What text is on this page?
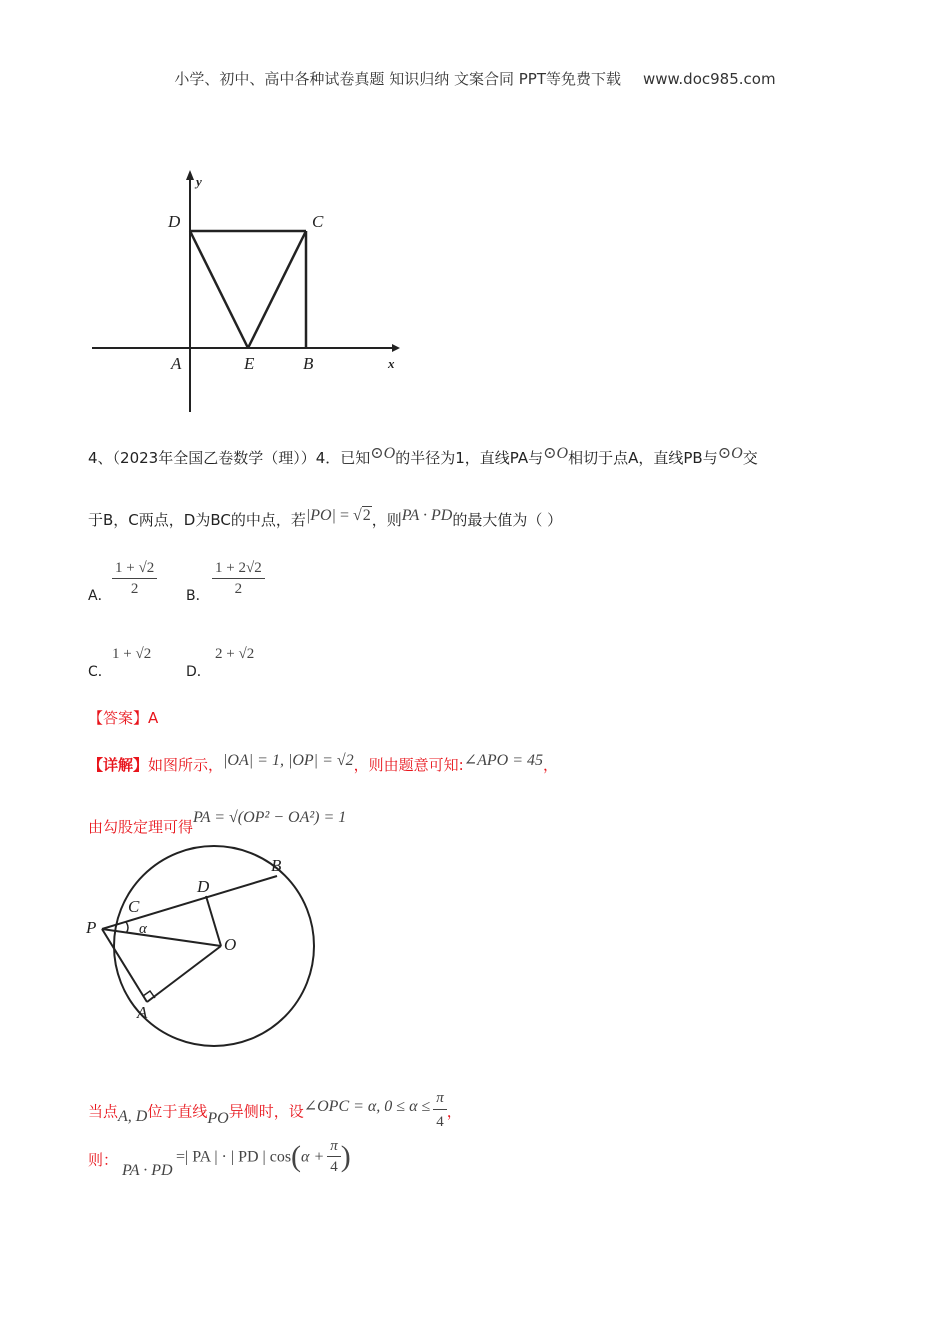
小学、初中、高中各种试卷真题 知识归纳 文案合同 PPT等免费下载 www.doc985.com
y
x
D	C
A	E	B
4、（2023年全国乙卷数学（理））4．已知⊙O的半径为1，直线PA与⊙O相切于点A，直线PB与⊙O交
于B，C两点，D为BC的中点，若|PO| = √2，则PA · PD的最大值为（ ）
A． $\frac{1 + √2}{2}$ B． $\frac{1 + 2√2}{2}$
C．
1 + √2
D．
2 + √2
【答案】A
【详解】如图所示，|OA| = 1, |OP| = √2，则由题意可知:∠APO = 45，
由勾股定理可得PA = √(OP² − OA²) = 1
B
D
C
P	α
O
A
当点A, D位于直线PO异侧时，设∠OPC = α, $0 \le \alpha \le \frac{\pi}{4}$ ，
则：
PA · PD
=| PA | · | PD | $\cos(\alpha + \frac{\pi}{4}$ )
